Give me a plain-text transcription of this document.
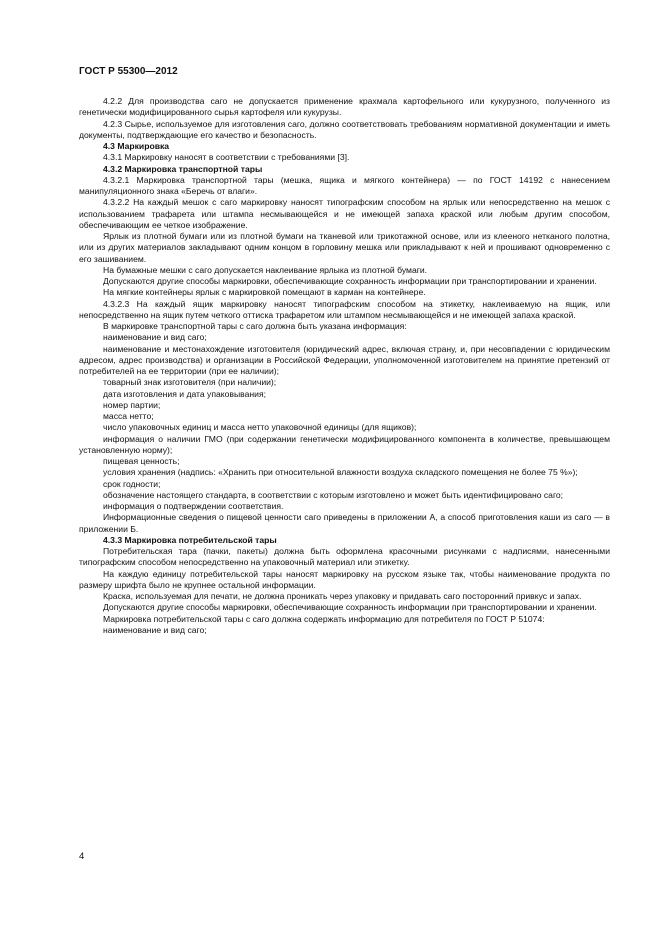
ГОСТ Р 55300—2012

4.2.2 Для производства саго не допускается применение крахмала картофельного или кукурузного, полученного из генетически модифицированного сырья картофеля или кукурузы.

4.2.3 Сырье, используемое для изготовления саго, должно соответствовать требованиям нормативной документации и иметь документы, подтверждающие его качество и безопасность.

4.3 Маркировка

4.3.1 Маркировку наносят в соответствии с требованиями [3].

4.3.2 Маркировка транспортной тары

4.3.2.1 Маркировка транспортной тары (мешка, ящика и мягкого контейнера) — по ГОСТ 14192 с нанесением манипуляционного знака «Беречь от влаги».

4.3.2.2 На каждый мешок с саго маркировку наносят типографским способом на ярлык или непосредственно на мешок с использованием трафарета или штампа несмывающейся и не имеющей запаха краской или любым другим способом, обеспечивающим ее четкое изображение.

Ярлык из плотной бумаги или из плотной бумаги на тканевой или трикотажной основе, или из клееного нетканого полотна, или из других материалов закладывают одним концом в горловину мешка или прикладывают к ней и прошивают одновременно с его зашиванием.

На бумажные мешки с саго допускается наклеивание ярлыка из плотной бумаги.

Допускаются другие способы маркировки, обеспечивающие сохранность информации при транспортировании и хранении.

На мягкие контейнеры ярлык с маркировкой помещают в карман на контейнере.

4.3.2.3 На каждый ящик маркировку наносят типографским способом на этикетку, наклеиваемую на ящик, или непосредственно на ящик путем четкого оттиска трафаретом или штампом несмывающейся и не имеющей запаха краской.

В маркировке транспортной тары с саго должна быть указана информация:

наименование и вид саго;

наименование и местонахождение изготовителя (юридический адрес, включая страну, и, при несовпадении с юридическим адресом, адрес производства) и организации в Российской Федерации, уполномоченной изготовителем на принятие претензий от потребителей на ее территории (при ее наличии);

товарный знак изготовителя (при наличии);

дата изготовления и дата упаковывания;

номер партии;

масса нетто;

число упаковочных единиц и масса нетто упаковочной единицы (для ящиков);

информация о наличии ГМО (при содержании генетически модифицированного компонента в количестве, превышающем установленную норму);

пищевая ценность;

условия хранения (надпись: «Хранить при относительной влажности воздуха складского помещения не более 75 %»);

срок годности;

обозначение настоящего стандарта, в соответствии с которым изготовлено и может быть идентифицировано саго;

информация о подтверждении соответствия.

Информационные сведения о пищевой ценности саго приведены в приложении А, а способ приготовления каши из саго — в приложении Б.

4.3.3 Маркировка потребительской тары

Потребительская тара (пачки, пакеты) должна быть оформлена красочными рисунками с надписями, нанесенными типографским способом непосредственно на упаковочный материал или этикетку.

На каждую единицу потребительской тары наносят маркировку на русском языке так, чтобы наименование продукта по размеру шрифта было не крупнее остальной информации.

Краска, используемая для печати, не должна проникать через упаковку и придавать саго посторонний привкус и запах.

Допускаются другие способы маркировки, обеспечивающие сохранность информации при транспортировании и хранении.

Маркировка потребительской тары с саго должна содержать информацию для потребителя по ГОСТ Р 51074:

наименование и вид саго;

4
